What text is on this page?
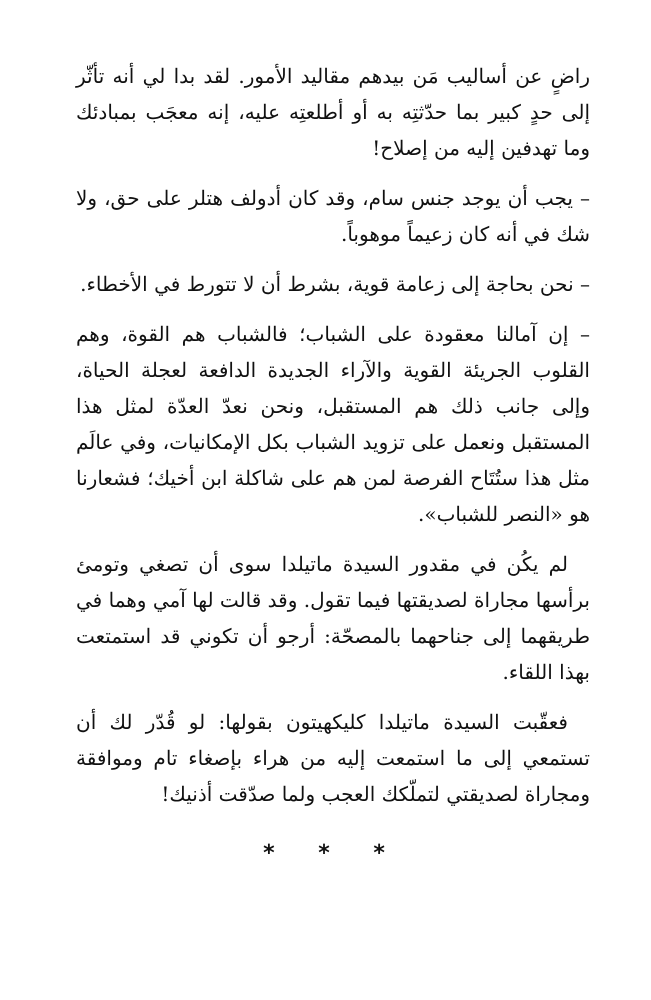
راضٍ عن أساليب مَن بيدهم مقاليد الأمور. لقد بدا لي أنه تأثّر إلى حدٍ كبير بما حدّثتِه به أو أطلعتِه عليه، إنه معجَب بمبادئك وما تهدفين إليه من إصلاح!

– يجب أن يوجد جنس سام، وقد كان أدولف هتلر على حق، ولا شك في أنه كان زعيماً موهوباً.

– نحن بحاجة إلى زعامة قوية، بشرط أن لا تتورط في الأخطاء.

– إن آمالنا معقودة على الشباب؛ فالشباب هم القوة، وهم القلوب الجريئة القوية والآراء الجديدة الدافعة لعجلة الحياة، وإلى جانب ذلك هم المستقبل، ونحن نعدّ العدّة لمثل هذا المستقبل ونعمل على تزويد الشباب بكل الإمكانيات، وفي عالَم مثل هذا ستُتَاح الفرصة لمن هم على شاكلة ابن أخيك؛ فشعارنا هو «النصر للشباب».

لم يكُن في مقدور السيدة ماتيلدا سوى أن تصغي وتومئ برأسها مجاراة لصديقتها فيما تقول. وقد قالت لها آمي وهما في طريقهما إلى جناحهما بالمصحّة: أرجو أن تكوني قد استمتعت بهذا اللقاء.

فعقّبت السيدة ماتيلدا كليكهيتون بقولها: لو قُدّر لك أن تستمعي إلى ما استمعت إليه من هراء بإصغاء تام وموافقة ومجاراة لصديقتي لتملّكك العجب ولما صدّقت أذنيك!

* * *
